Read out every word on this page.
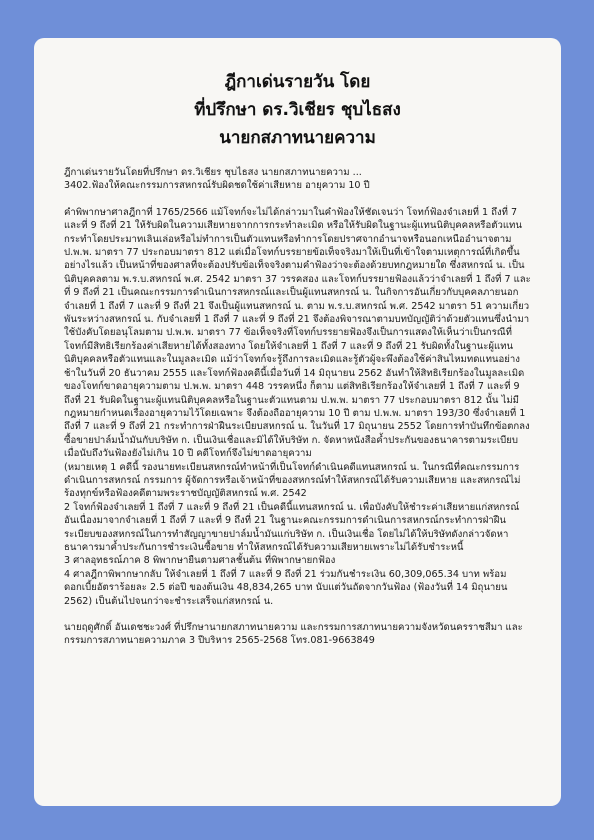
ฎีกาเด่นรายวัน โดย
ที่ปรึกษา ดร.วิเชียร ชุบไธสง
นายกสภาทนายความ

ฎีกาเด่นรายวันโดยที่ปรึกษา ดร.วิเชียร ชุบไธสง นายกสภาทนายความ ...

3402.ฟ้องให้คณะกรรมการสหกรณ์รับผิดชดใช้ค่าเสียหาย อายุความ 10 ปี

คำพิพากษาศาลฎีกาที่ 1765/2566 แม้โจทก์จะไม่ได้กล่าวมาในคำฟ้องให้ชัดเจนว่า โจทก์ฟ้องจำเลยที่ 1 ถึงที่ 7 และที่ 9 ถึงที่ 21 ให้รับผิดในความเสียหายจากการกระทำละเมิด หรือให้รับผิดในฐานะผู้แทนนิติบุคคลหรือตัวแทนกระทำโดยประมาทเลินเล่อหรือไม่ทำการเป็นตัวแทนหรือทำการโดยปราศจากอำนาจหรือนอกเหนืออำนาจตาม ป.พ.พ. มาตรา 77 ประกอบมาตรา 812 แต่เมื่อโจทก์บรรยายข้อเท็จจริงมาให้เป็นที่เข้าใจตามเหตุการณ์ที่เกิดขึ้นอย่างไรแล้ว เป็นหน้าที่ของศาลที่จะต้องปรับข้อเท็จจริงตามคำฟ้องว่าจะต้องด้วยบทกฎหมายใด ซึ่งสหกรณ์ น. เป็นนิติบุคคลตาม พ.ร.บ.สหกรณ์ พ.ศ. 2542 มาตรา 37 วรรคสอง และโจทก์บรรยายฟ้องแล้วว่าจำเลยที่ 1 ถึงที่ 7 และที่ 9 ถึงที่ 21 เป็นคณะกรรมการดำเนินการสหกรณ์และเป็นผู้แทนสหกรณ์ น. ในกิจการอันเกี่ยวกับบุคคลภายนอก จำเลยที่ 1 ถึงที่ 7 และที่ 9 ถึงที่ 21 จึงเป็นผู้แทนสหกรณ์ น. ตาม พ.ร.บ.สหกรณ์ พ.ศ. 2542 มาตรา 51 ความเกี่ยวพันระหว่างสหกรณ์ น. กับจำเลยที่ 1 ถึงที่ 7 และที่ 9 ถึงที่ 21 จึงต้องพิจารณาตามบทบัญญัติว่าด้วยตัวแทนซึ่งนำมาใช้บังคับโดยอนุโลมตาม ป.พ.พ. มาตรา 77 ข้อเท็จจริงที่โจทก์บรรยายฟ้องจึงเป็นการแสดงให้เห็นว่าเป็นกรณีที่โจทก์มีสิทธิเรียกร้องค่าเสียหายได้ทั้งสองทาง โดยให้จำเลยที่ 1 ถึงที่ 7 และที่ 9 ถึงที่ 21 รับผิดทั้งในฐานะผู้แทนนิติบุคคลหรือตัวแทนและในมูลละเมิด แม้ว่าโจทก์จะรู้ถึงการละเมิดและรู้ตัวผู้จะพึงต้องใช้ค่าสินไหมทดแทนอย่างช้าในวันที่ 20 ธันวาคม 2555 และโจทก์ฟ้องคดีนี้เมื่อวันที่ 14 มิถุนายน 2562 อันทำให้สิทธิเรียกร้องในมูลละเมิดของโจทก์ขาดอายุความตาม ป.พ.พ. มาตรา 448 วรรคหนึ่ง ก็ตาม แต่สิทธิเรียกร้องให้จำเลยที่ 1 ถึงที่ 7 และที่ 9 ถึงที่ 21 รับผิดในฐานะผู้แทนนิติบุคคลหรือในฐานะตัวแทนตาม ป.พ.พ. มาตรา 77 ประกอบมาตรา 812 นั้น ไม่มีกฎหมายกำหนดเรื่องอายุความไว้โดยเฉพาะ จึงต้องถืออายุความ 10 ปี ตาม ป.พ.พ. มาตรา 193/30 ซึ่งจำเลยที่ 1 ถึงที่ 7 และที่ 9 ถึงที่ 21 กระทำการฝ่าฝืนระเบียบสหกรณ์ น. ในวันที่ 17 มิถุนายน 2552 โดยการทำบันทึกข้อตกลงซื้อขายปาล์มน้ำมันกับบริษัท ก. เป็นเงินเชื่อและมิได้ให้บริษัท ก. จัดหาหนังสือค้ำประกันของธนาคารตามระเบียบ เมื่อนับถึงวันฟ้องยังไม่เกิน 10 ปี คดีโจทก์จึงไม่ขาดอายุความ

(หมายเหตุ 1 คดีนี้ รองนายทะเบียนสหกรณ์ทำหน้าที่เป็นโจทก์ดำเนินคดีแทนสหกรณ์ น. ในกรณีที่คณะกรรมการดำเนินการสหกรณ์ กรรมการ ผู้จัดการหรือเจ้าหน้าที่ของสหกรณ์ทำให้สหกรณ์ได้รับความเสียหาย และสหกรณ์ไม่ร้องทุกข์หรือฟ้องคดีตามพระราชบัญญัติสหกรณ์ พ.ศ. 2542

2 โจทก์ฟ้องจำเลยที่ 1 ถึงที่ 7 และที่ 9 ถึงที่ 21 เป็นคดีนี้แทนสหกรณ์ น. เพื่อบังคับให้ชำระค่าเสียหายแก่สหกรณ์ อันเนื่องมาจากจำเลยที่ 1 ถึงที่ 7 และที่ 9 ถึงที่ 21 ในฐานะคณะกรรมการดำเนินการสหกรณ์กระทำการฝ่าฝืนระเบียบของสหกรณ์ในการทำสัญญาขายปาล์มน้ำมันแก่บริษัท ก. เป็นเงินเชื่อ โดยไม่ได้ให้บริษัทดังกล่าวจัดหาธนาคารมาค้ำประกันการชำระเงินซื้อขาย ทำให้สหกรณ์ได้รับความเสียหายเพราะไม่ได้รับชำระหนี้

3 ศาลอุทธรณ์ภาค 8 พิพากษายืนตามศาลชั้นต้น ที่พิพากษายกฟ้อง

4 ศาลฎีกาพิพากษากลับ ให้จำเลยที่ 1 ถึงที่ 7 และที่ 9 ถึงที่ 21 ร่วมกันชำระเงิน 60,309,065.34 บาท พร้อมดอกเบี้ยอัตราร้อยละ 2.5 ต่อปี ของต้นเงิน 48,834,265 บาท นับแต่วันถัดจากวันฟ้อง (ฟ้องวันที่ 14 มิถุนายน 2562) เป็นต้นไปจนกว่าจะชำระเสร็จแก่สหกรณ์ น.

นายฤดูศักดิ์ อันเดชชะวงศ์ ที่ปรึกษานายกสภาทนายความ และกรรมการสภาทนายความจังหวัดนครราชสีมา และกรรมการสภาทนายความภาค 3 ปีบริหาร 2565-2568 โทร.081-9663849
